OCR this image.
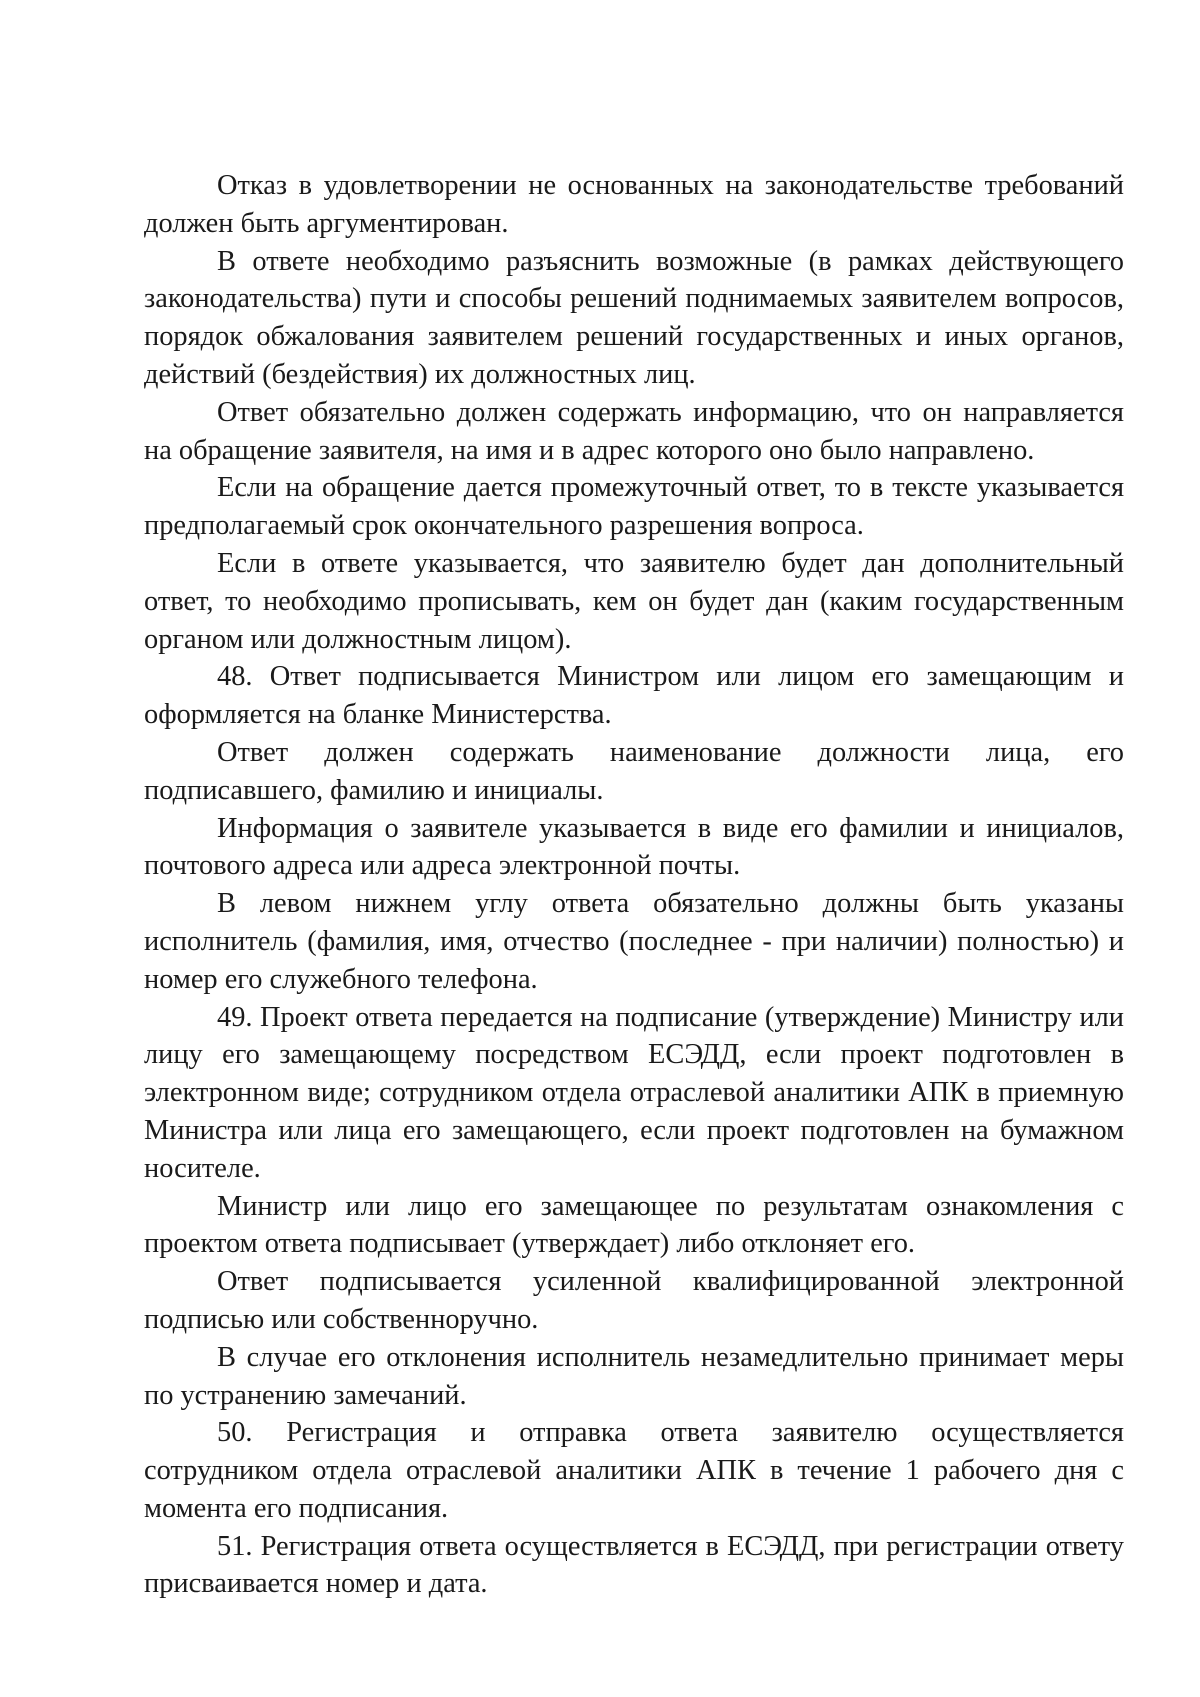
Отказ в удовлетворении не основанных на законодательстве требований должен быть аргументирован.

В ответе необходимо разъяснить возможные (в рамках действующего законодательства) пути и способы решений поднимаемых заявителем вопросов, порядок обжалования заявителем решений государственных и иных органов, действий (бездействия) их должностных лиц.

Ответ обязательно должен содержать информацию, что он направляется на обращение заявителя, на имя и в адрес которого оно было направлено.

Если на обращение дается промежуточный ответ, то в тексте указывается предполагаемый срок окончательного разрешения вопроса.

Если в ответе указывается, что заявителю будет дан дополнительный ответ, то необходимо прописывать, кем он будет дан (каким государственным органом или должностным лицом).

48. Ответ подписывается Министром или лицом его замещающим и оформляется на бланке Министерства.

Ответ должен содержать наименование должности лица, его подписавшего, фамилию и инициалы.

Информация о заявителе указывается в виде его фамилии и инициалов, почтового адреса или адреса электронной почты.

В левом нижнем углу ответа обязательно должны быть указаны исполнитель (фамилия, имя, отчество (последнее - при наличии) полностью) и номер его служебного телефона.

49. Проект ответа передается на подписание (утверждение) Министру или лицу его замещающему посредством ЕСЭДД, если проект подготовлен в электронном виде; сотрудником отдела отраслевой аналитики АПК в приемную Министра или лица его замещающего, если проект подготовлен на бумажном носителе.

Министр или лицо его замещающее по результатам ознакомления с проектом ответа подписывает (утверждает) либо отклоняет его.

Ответ подписывается усиленной квалифицированной электронной подписью или собственноручно.

В случае его отклонения исполнитель незамедлительно принимает меры по устранению замечаний.

50. Регистрация и отправка ответа заявителю осуществляется сотрудником отдела отраслевой аналитики АПК в течение 1 рабочего дня с момента его подписания.

51. Регистрация ответа осуществляется в ЕСЭДД, при регистрации ответу присваивается номер и дата.
